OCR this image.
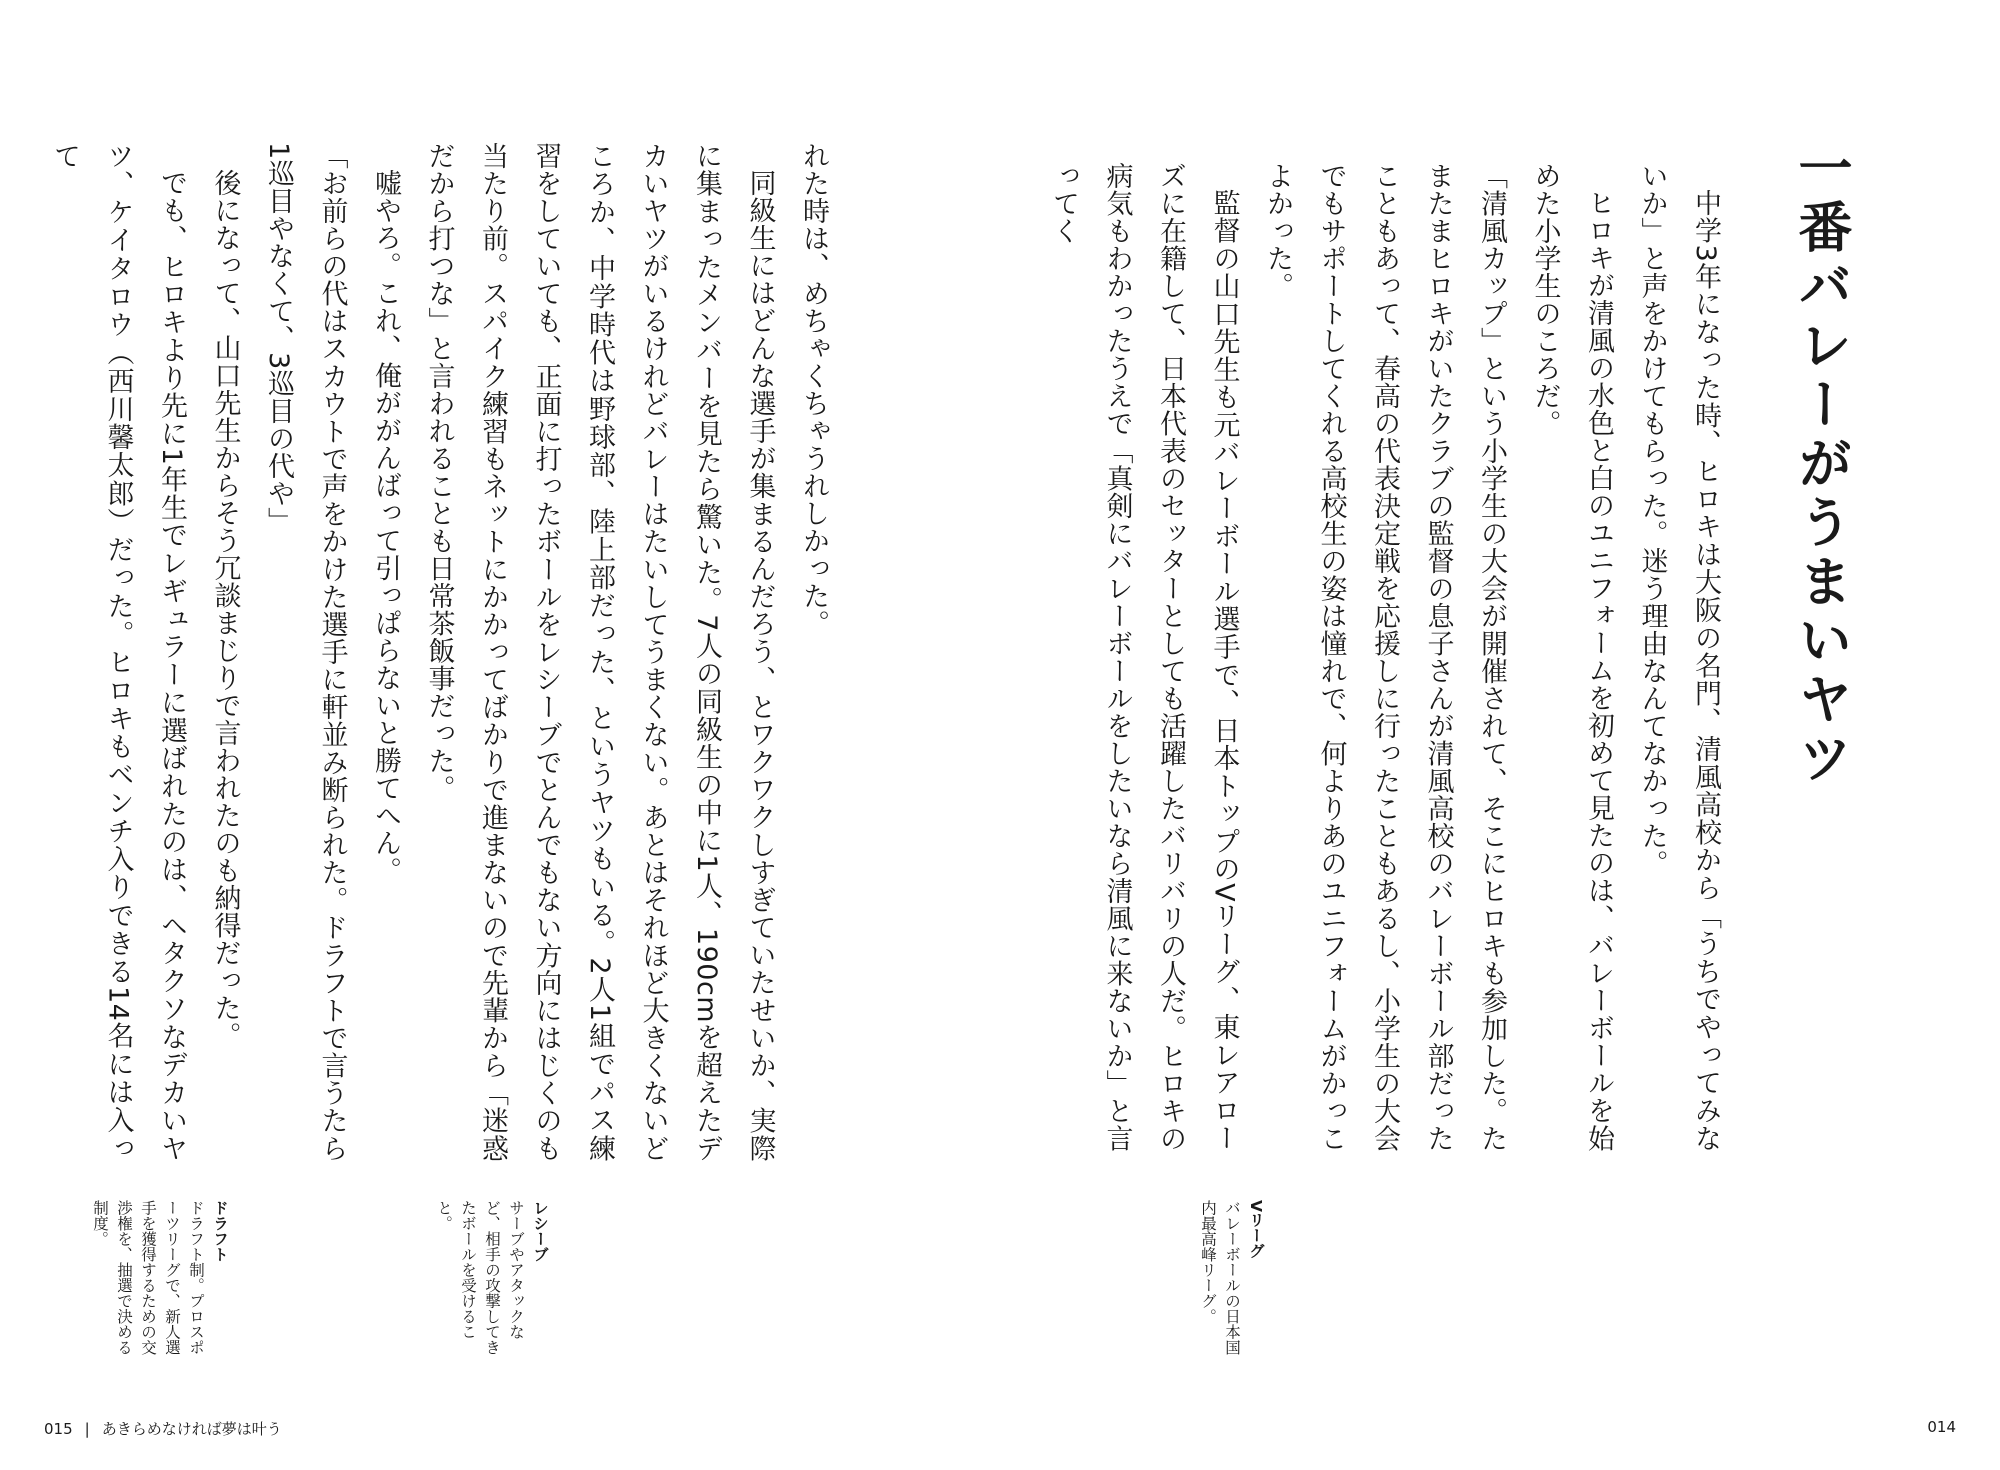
一番バレーがうまいヤツ

中学3年になった時、ヒロキは大阪の名門、清風高校から「うちでやってみないか」と声をかけてもらった。迷う理由なんてなかった。

ヒロキが清風の水色と白のユニフォームを初めて見たのは、バレーボールを始めた小学生のころだ。

「清風カップ」という小学生の大会が開催されて、そこにヒロキも参加した。たまたまヒロキがいたクラブの監督の息子さんが清風高校のバレーボール部だったこともあって、春高の代表決定戦を応援しに行ったこともあるし、小学生の大会でもサポートしてくれる高校生の姿は憧れで、何よりあのユニフォームがかっこよかった。

監督の山口先生も元バレーボール選手で、日本トップのVリーグ、東レアローズに在籍して、日本代表のセッターとしても活躍したバリバリの人だ。ヒロキの病気もわかったうえで「真剣にバレーボールをしたいなら清風に来ないか」と言ってく

Vリーグ
バレーボールの日本国内最高峰リーグ。

れた時は、めちゃくちゃうれしかった。

同級生にはどんな選手が集まるんだろう、とワクワクしすぎていたせいか、実際に集まったメンバーを見たら驚いた。7人の同級生の中に1人、190cmを超えたデカいヤツがいるけれどバレーはたいしてうまくない。あとはそれほど大きくないどころか、中学時代は野球部、陸上部だった、というヤツもいる。2人1組でパス練習をしていても、正面に打ったボールをレシーブでとんでもない方向にはじくのも当たり前。スパイク練習もネットにかかってばかりで進まないので先輩から「迷惑だから打つな」と言われることも日常茶飯事だった。

嘘やろ。これ、俺ががんばって引っぱらないと勝てへん。

「お前らの代はスカウトで声をかけた選手に軒並み断られた。ドラフトで言うたら1巡目やなくて、3巡目の代や」

後になって、山口先生からそう冗談まじりで言われたのも納得だった。

でも、ヒロキより先に1年生でレギュラーに選ばれたのは、ヘタクソなデカいヤツ、ケイタロウ（西川馨太郎）だった。ヒロキもベンチ入りできる14名には入って

レシーブ
サーブやアタックなど、相手の攻撃してきたボールを受けること。
ドラフト
ドラフト制。プロスポーツリーグで、新人選手を獲得するための交渉権を、抽選で決める制度。
015 | あきらめなければ夢は叶う	014
